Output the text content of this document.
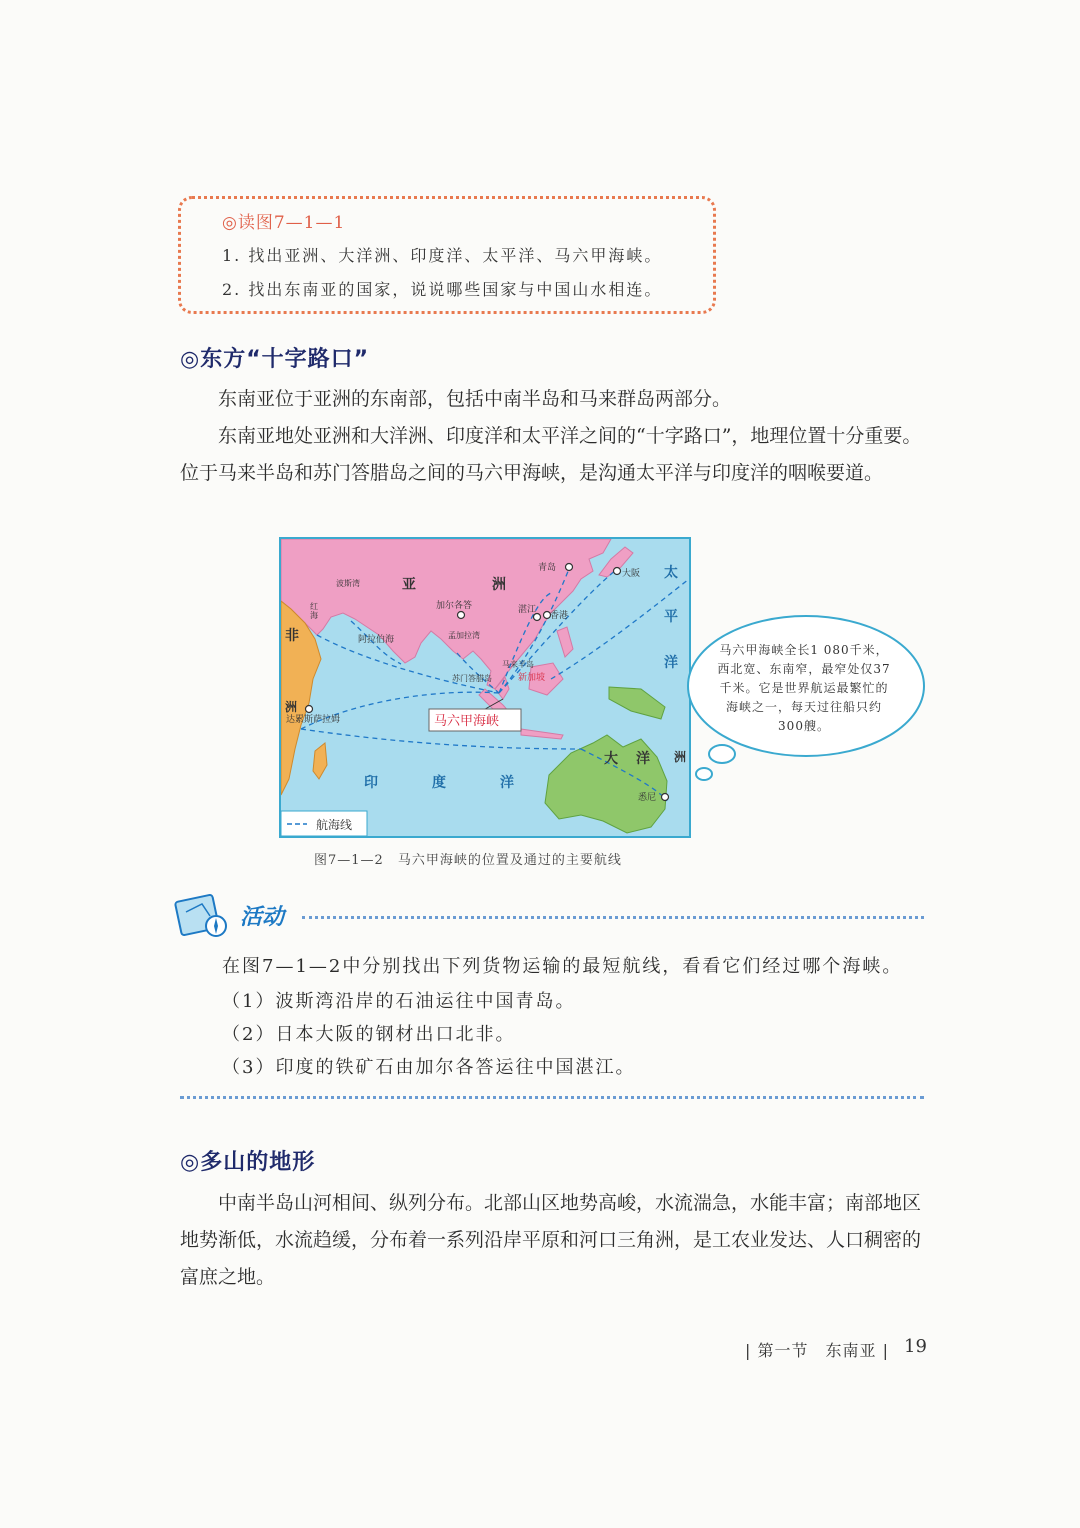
◎读图7—1—1
1. 找出亚洲、大洋洲、印度洋、太平洋、马六甲海峡。
2. 找出东南亚的国家，说说哪些国家与中国山水相连。
◎东方“十字路口”
东南亚位于亚洲的东南部，包括中南半岛和马来群岛两部分。
东南亚地处亚洲和大洋洲、印度洋和太平洋之间的“十字路口”，地理位置十分重要。位于马来半岛和苏门答腊岛之间的马六甲海峡，是沟通太平洋与印度洋的咽喉要道。
亚	洲
非
洲
太
平
洋
印	度	洋
大 洋 洲
波斯湾
阿拉伯海
红海
孟加拉湾
马来半岛
苏门答腊岛
马六甲海峡
青岛
大阪
加尔各答	湛江
香港
新加坡
达累斯萨拉姆
悉尼
航海线
马六甲海峡全长1 080千米，西北宽、东南窄，最窄处仅37千米。它是世界航运最繁忙的海峡之一，每天过往船只约300艘。
图7—1—2　马六甲海峡的位置及通过的主要航线
活动
在图7—1—2中分别找出下列货物运输的最短航线，看看它们经过哪个海峡。
（1）波斯湾沿岸的石油运往中国青岛。
（2）日本大阪的钢材出口北非。
（3）印度的铁矿石由加尔各答运往中国湛江。
◎多山的地形
中南半岛山河相间、纵列分布。北部山区地势高峻，水流湍急，水能丰富；南部地区地势渐低，水流趋缓，分布着一系列沿岸平原和河口三角洲，是工农业发达、人口稠密的富庶之地。
| 第一节　东南亚 | 19
